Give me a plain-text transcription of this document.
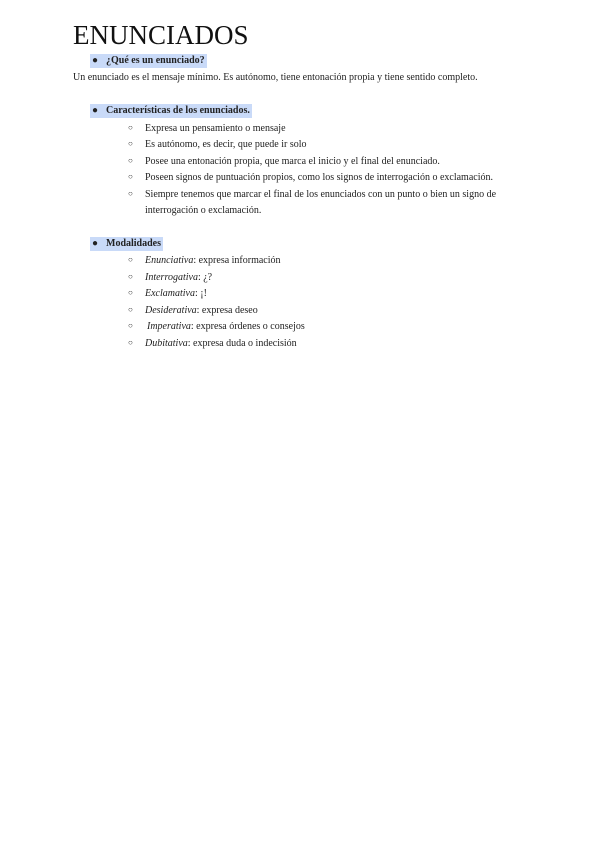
ENUNCIADOS
● ¿Qué es un enunciado?
Un enunciado es el mensaje mínimo. Es autónomo, tiene entonación propia y tiene sentido completo.
● Características de los enunciados.
○ Expresa un pensamiento o mensaje
○ Es autónomo, es decir, que puede ir solo
○ Posee una entonación propia, que marca el inicio y el final del enunciado.
○ Poseen signos de puntuación propios, como los signos de interrogación o exclamación.
○ Siempre tenemos que marcar el final de los enunciados con un punto o bien un signo de
interrogación o exclamación.
● Modalidades
○ Enunciativa: expresa información
○ Interrogativa: ¿?
○ Exclamativa: ¡!
○ Desiderativa: expresa deseo
○ Imperativa: expresa órdenes o consejos
○ Dubitativa: expresa duda o indecisión
